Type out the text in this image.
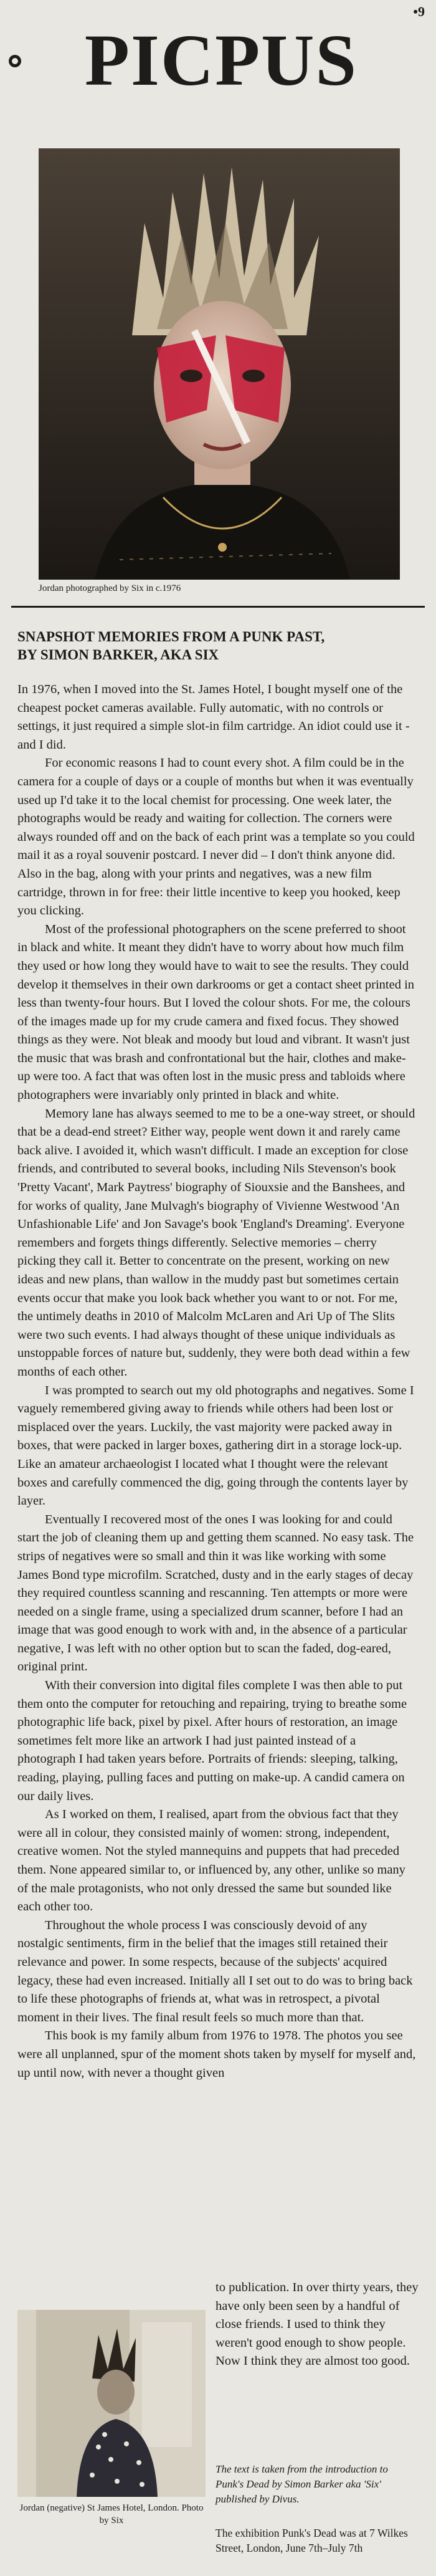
•9
PICPUS
Jordan photographed by Six in c.1976
SNAPSHOT MEMORIES FROM A PUNK PAST,
BY SIMON BARKER, AKA SIX

In 1976, when I moved into the St. James Hotel, I bought myself one of the cheapest pocket cameras available. Fully automatic, with no controls or settings, it just required a simple slot-in film cartridge. An idiot could use it - and I did.

For economic reasons I had to count every shot. A film could be in the camera for a couple of days or a couple of months but when it was eventually used up I'd take it to the local chemist for processing. One week later, the photographs would be ready and waiting for collection. The corners were always rounded off and on the back of each print was a template so you could mail it as a royal souvenir postcard. I never did – I don't think anyone did. Also in the bag, along with your prints and negatives, was a new film cartridge, thrown in for free: their little incentive to keep you hooked, keep you clicking.

Most of the professional photographers on the scene preferred to shoot in black and white. It meant they didn't have to worry about how much film they used or how long they would have to wait to see the results. They could develop it themselves in their own darkrooms or get a contact sheet printed in less than twenty-four hours. But I loved the colour shots. For me, the colours of the images made up for my crude camera and fixed focus. They showed things as they were. Not bleak and moody but loud and vibrant. It wasn't just the music that was brash and confrontational but the hair, clothes and make-up were too. A fact that was often lost in the music press and tabloids where photographers were invariably only printed in black and white.

Memory lane has always seemed to me to be a one-way street, or should that be a dead-end street? Either way, people went down it and rarely came back alive. I avoided it, which wasn't difficult. I made an exception for close friends, and contributed to several books, including Nils Stevenson's book 'Pretty Vacant', Mark Paytress' biography of Siouxsie and the Banshees, and for works of quality, Jane Mulvagh's biography of Vivienne Westwood 'An Unfashionable Life' and Jon Savage's book 'England's Dreaming'. Everyone remembers and forgets things differently. Selective memories – cherry picking they call it. Better to concentrate on the present, working on new ideas and new plans, than wallow in the muddy past but sometimes certain events occur that make you look back whether you want to or not. For me, the untimely deaths in 2010 of Malcolm McLaren and Ari Up of The Slits were two such events. I had always thought of these unique individuals as unstoppable forces of nature but, suddenly, they were both dead within a few months of each other.

I was prompted to search out my old photographs and negatives. Some I vaguely remembered giving away to friends while others had been lost or misplaced over the years. Luckily, the vast majority were packed away in boxes, that were packed in larger boxes, gathering dirt in a storage lock-up. Like an amateur archaeologist I located what I thought were the relevant boxes and carefully commenced the dig, going through the contents layer by layer.

Eventually I recovered most of the ones I was looking for and could start the job of cleaning them up and getting them scanned. No easy task. The strips of negatives were so small and thin it was like working with some James Bond type microfilm. Scratched, dusty and in the early stages of decay they required countless scanning and rescanning. Ten attempts or more were needed on a single frame, using a specialized drum scanner, before I had an image that was good enough to work with and, in the absence of a particular negative, I was left with no other option but to scan the faded, dog-eared, original print.

With their conversion into digital files complete I was then able to put them onto the computer for retouching and repairing, trying to breathe some photographic life back, pixel by pixel. After hours of restoration, an image sometimes felt more like an artwork I had just painted instead of a photograph I had taken years before. Portraits of friends: sleeping, talking, reading, playing, pulling faces and putting on make-up. A candid camera on our daily lives.

As I worked on them, I realised, apart from the obvious fact that they were all in colour, they consisted mainly of women: strong, independent, creative women. Not the styled mannequins and puppets that had preceded them. None appeared similar to, or influenced by, any other, unlike so many of the male protagonists, who not only dressed the same but sounded like each other too.

Throughout the whole process I was consciously devoid of any nostalgic sentiments, firm in the belief that the images still retained their relevance and power. In some respects, because of the subjects' acquired legacy, these had even increased. Initially all I set out to do was to bring back to life these photographs of friends at, what was in retrospect, a pivotal moment in their lives. The final result feels so much more than that.

This book is my family album from 1976 to 1978. The photos you see were all unplanned, spur of the moment shots taken by myself for myself and, up until now, with never a thought given

Jordan (negative) St James Hotel, London. Photo by Six

to publication. In over thirty years, they have only been seen by a handful of close friends. I used to think they weren't good enough to show people. Now I think they are almost too good.

The text is taken from the introduction to Punk's Dead by Simon Barker aka 'Six' published by Divus.
The exhibition Punk's Dead was at 7 Wilkes Street, London, June 7th–July 7th
